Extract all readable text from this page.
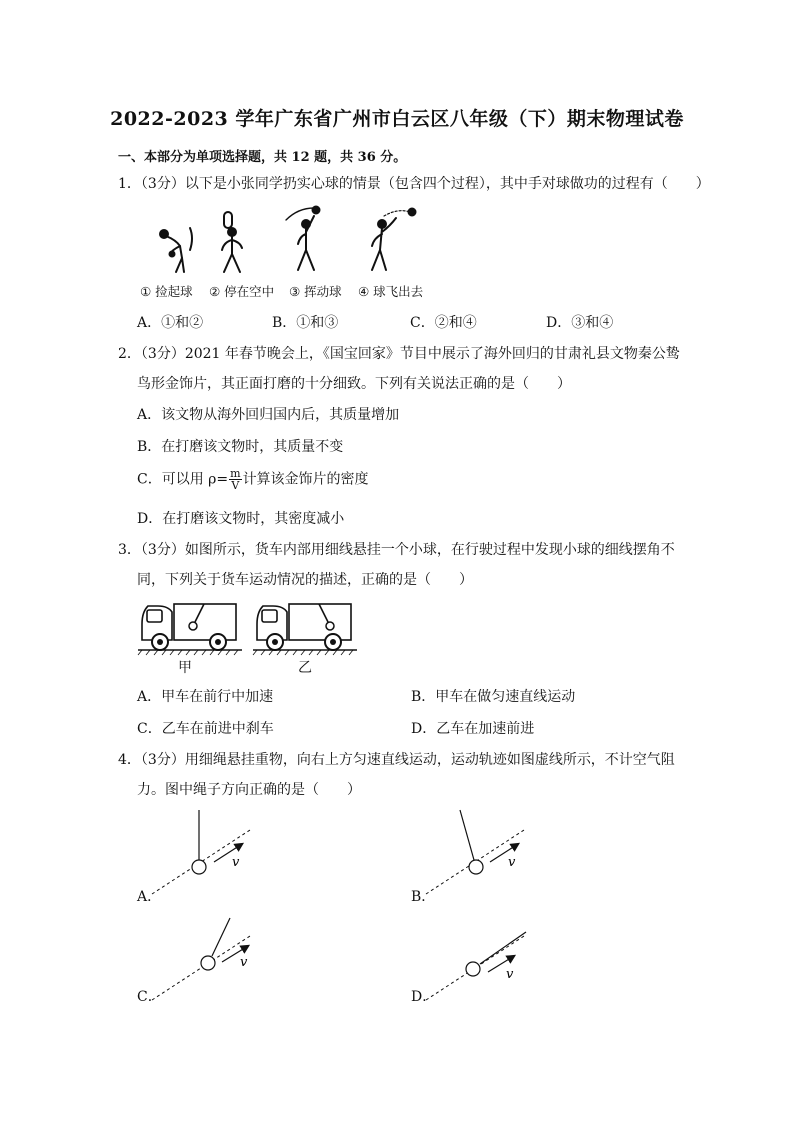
2022-2023 学年广东省广州市白云区八年级（下）期末物理试卷
一、本部分为单项选择题，共 12 题，共 36 分。
1．（3分）以下是小张同学扔实心球的情景（包含四个过程），其中手对球做功的过程有（　　）
① 捡起球 ② 停在空中 ③ 挥动球 ④ 球飞出去
A．①和②	B．①和③	C．②和④	D．③和④
2．（3分）2021 年春节晚会上，《国宝回家》节目中展示了海外回归的甘肃礼县文物秦公鸷
鸟形金饰片，其正面打磨的十分细致。下列有关说法正确的是（　　）
A．该文物从海外回归国内后，其质量增加
B．在打磨该文物时，其质量不变
C．可以用 $\rho= \frac{m}{V}$ 计算该金饰片的密度
D．在打磨该文物时，其密度减小
3．（3分）如图所示，货车内部用细线悬挂一个小球，在行驶过程中发现小球的细线摆角不
同，下列关于货车运动情况的描述，正确的是（　　）
甲	乙
A．甲车在前行中加速	B．甲车在做匀速直线运动
C．乙车在前进中刹车	D．乙车在加速前进
4．（3分）用细绳悬挂重物，向右上方匀速直线运动，运动轨迹如图虚线所示，不计空气阻
力。图中绳子方向正确的是（　　）
v
A．
v
B．
v
C．
v
D．
